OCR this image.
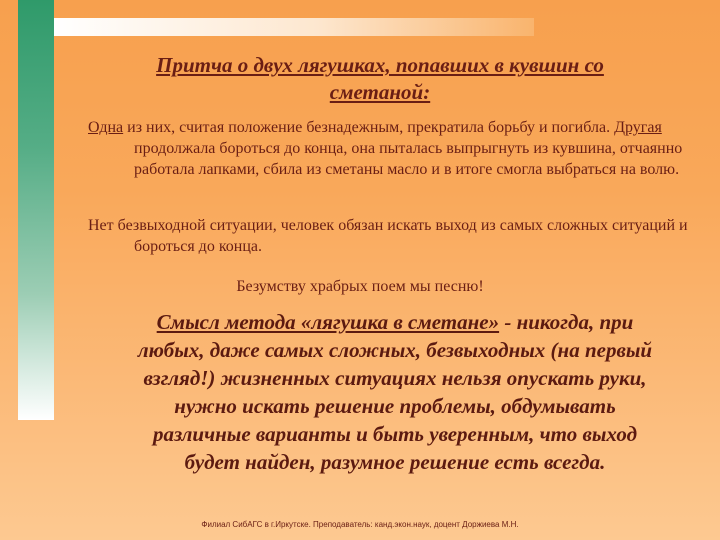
Притча о двух лягушках, попавших в кувшин со сметаной:
Одна из них, считая положение безнадежным, прекратила борьбу и погибла. Другая продолжала бороться до конца, она пыталась выпрыгнуть из кувшина, отчаянно работала лапками, сбила из сметаны масло и в итоге смогла выбраться на волю.
Нет безвыходной ситуации, человек обязан искать выход из самых сложных ситуаций и бороться до конца.
Безумству храбрых поем мы песню!
Смысл метода «лягушка в сметане» - никогда, при любых, даже самых сложных, безвыходных (на первый взгляд!) жизненных ситуациях нельзя опускать руки, нужно искать решение проблемы, обдумывать различные варианты и быть уверенным, что выход будет найден, разумное решение есть всегда.
Филиал СибАГС в г.Иркутске. Преподаватель: канд.экон.наук, доцент Доржиева М.Н.
